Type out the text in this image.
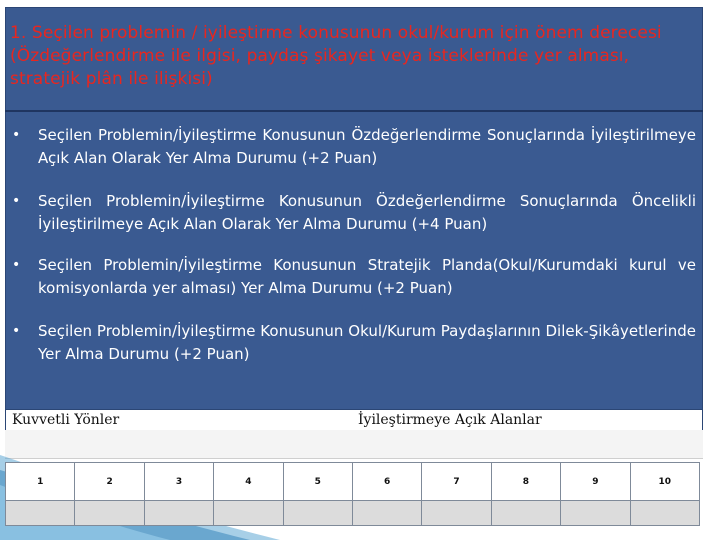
1. Seçilen problemin / iyileştirme konusunun okul/kurum için önem derecesi (Özdeğerlendirme ile ilgisi, paydaş şikayet veya isteklerinde yer alması, stratejik plân ile ilişkisi)
•	Seçilen Problemin/İyileştirme Konusunun Özdeğerlendirme Sonuçlarında İyileştirilmeye Açık Alan Olarak Yer Alma Durumu (+2 Puan)
•	Seçilen Problemin/İyileştirme Konusunun Özdeğerlendirme Sonuçlarında Öncelikli İyileştirilmeye Açık Alan Olarak Yer Alma Durumu (+4 Puan)
•	Seçilen Problemin/İyileştirme Konusunun Stratejik Planda(Okul/Kurumdaki kurul ve komisyonlarda yer alması) Yer Alma Durumu (+2 Puan)
•	Seçilen Problemin/İyileştirme Konusunun Okul/Kurum Paydaşlarının Dilek-Şikâyetlerinde Yer Alma Durumu (+2 Puan)
Kuvvetli Yönler	İyileştirmeye Açık Alanlar
1	2	3	4	5	6	7	8	9	10
